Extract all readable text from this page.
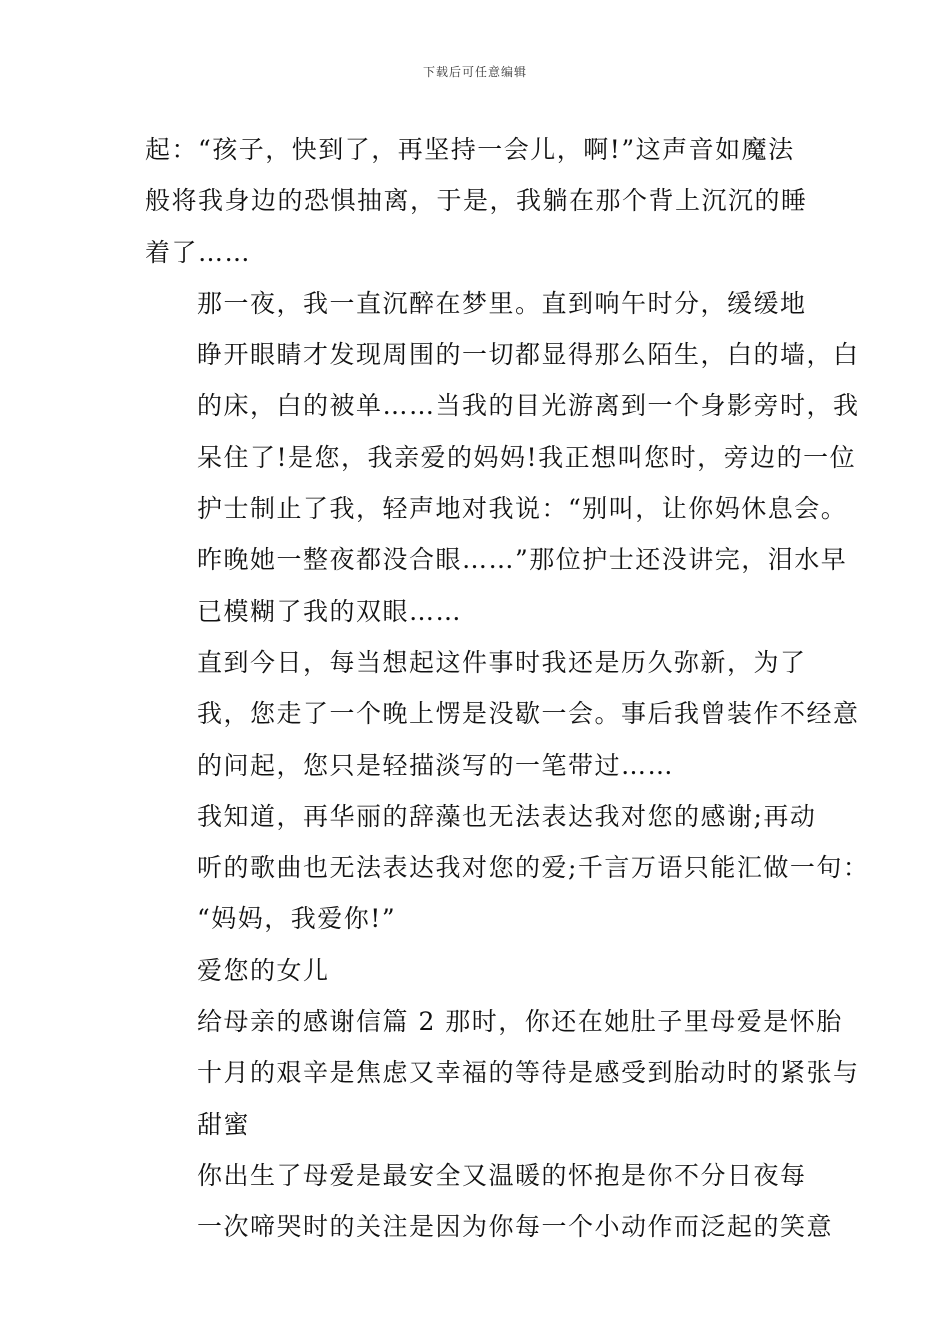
下载后可任意编辑

起：“孩子，快到了，再坚持一会儿，啊!”这声音如魔法
般将我身边的恐惧抽离，于是，我躺在那个背上沉沉的睡
着了……

那一夜，我一直沉醉在梦里。直到响午时分，缓缓地
睁开眼睛才发现周围的一切都显得那么陌生，白的墙，白
的床，白的被单……当我的目光游离到一个身影旁时，我
呆住了!是您，我亲爱的妈妈!我正想叫您时，旁边的一位
护士制止了我，轻声地对我说：“别叫，让你妈休息会。
昨晚她一整夜都没合眼……”那位护士还没讲完，泪水早
已模糊了我的双眼……

直到今日，每当想起这件事时我还是历久弥新，为了
我，您走了一个晚上愣是没歇一会。事后我曾装作不经意
的问起，您只是轻描淡写的一笔带过……

我知道，再华丽的辞藻也无法表达我对您的感谢;再动
听的歌曲也无法表达我对您的爱;千言万语只能汇做一句：
“妈妈，我爱你!”

爱您的女儿

给母亲的感谢信篇 2 那时，你还在她肚子里母爱是怀胎
十月的艰辛是焦虑又幸福的等待是感受到胎动时的紧张与
甜蜜

你出生了母爱是最安全又温暖的怀抱是你不分日夜每
一次啼哭时的关注是因为你每一个小动作而泛起的笑意
